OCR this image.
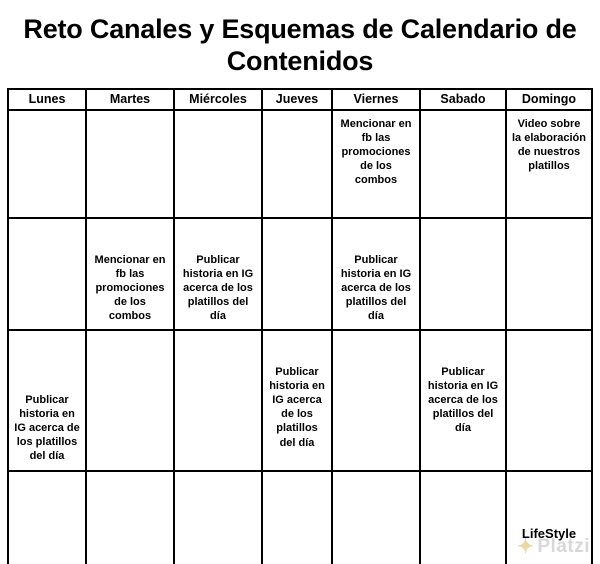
Reto Canales y Esquemas de Calendario de Contenidos
Lunes	Martes	Miércoles	Jueves	Viernes	Sabado	Domingo

				Mencionar en fb las promociones de los combos		Video sobre la elaboración de nuestros platillos

	Mencionar en fb las promociones de los combos	Publicar historia en IG acerca de los platillos del día		Publicar historia en IG acerca de los platillos del día		

Publicar historia en IG acerca de los platillos del día			Publicar historia en IG acerca de los platillos del día		Publicar historia en IG acerca de los platillos del día	

						LifeStyle
✦ Platzi
